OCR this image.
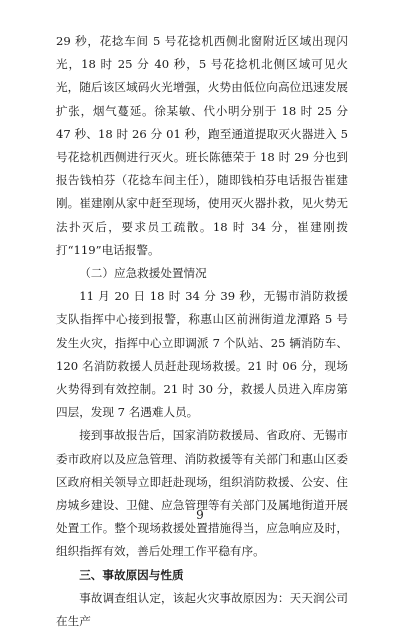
29 秒，花捻车间 5 号花捻机西侧北窗附近区域出现闪光，18 时 25 分 40 秒，5 号花捻机北侧区域可见火光，随后该区域码火光增强，火势由低位向高位迅速发展扩张，烟气蔓延。徐某敏、代小明分别于 18 时 25 分 47 秒、18 时 26 分 01 秒，跑至通道提取灭火器进入 5 号花捻机西侧进行灭火。班长陈德荣于 18 时 29 分也到报告钱柏芬（花捻车间主任），随即钱柏芬电话报告崔建刚。崔建刚从家中赶至现场，使用灭火器扑救，见火势无法扑灭后，要求员工疏散。18 时 34 分，崔建刚拨打“119”电话报警。

（二）应急救援处置情况

11 月 20 日 18 时 34 分 39 秒，无锡市消防救援支队指挥中心接到报警，称惠山区前洲街道龙潭路 5 号发生火灾，指挥中心立即调派 7 个队站、25 辆消防车、120 名消防救援人员赶赴现场救援。21 时 06 分，现场火势得到有效控制。21 时 30 分，救援人员进入库房第四层，发现 7 名遇难人员。

接到事故报告后，国家消防救援局、省政府、无锡市委市政府以及应急管理、消防救援等有关部门和惠山区委区政府相关领导立即赶赴现场，组织消防救援、公安、住房城乡建设、卫健、应急管理等有关部门及属地街道开展处置工作。整个现场救援处置措施得当，应急响应及时，组织指挥有效，善后处理工作平稳有序。

三、事故原因与性质

事故调查组认定，该起火灾事故原因为：天天润公司在生产

9
